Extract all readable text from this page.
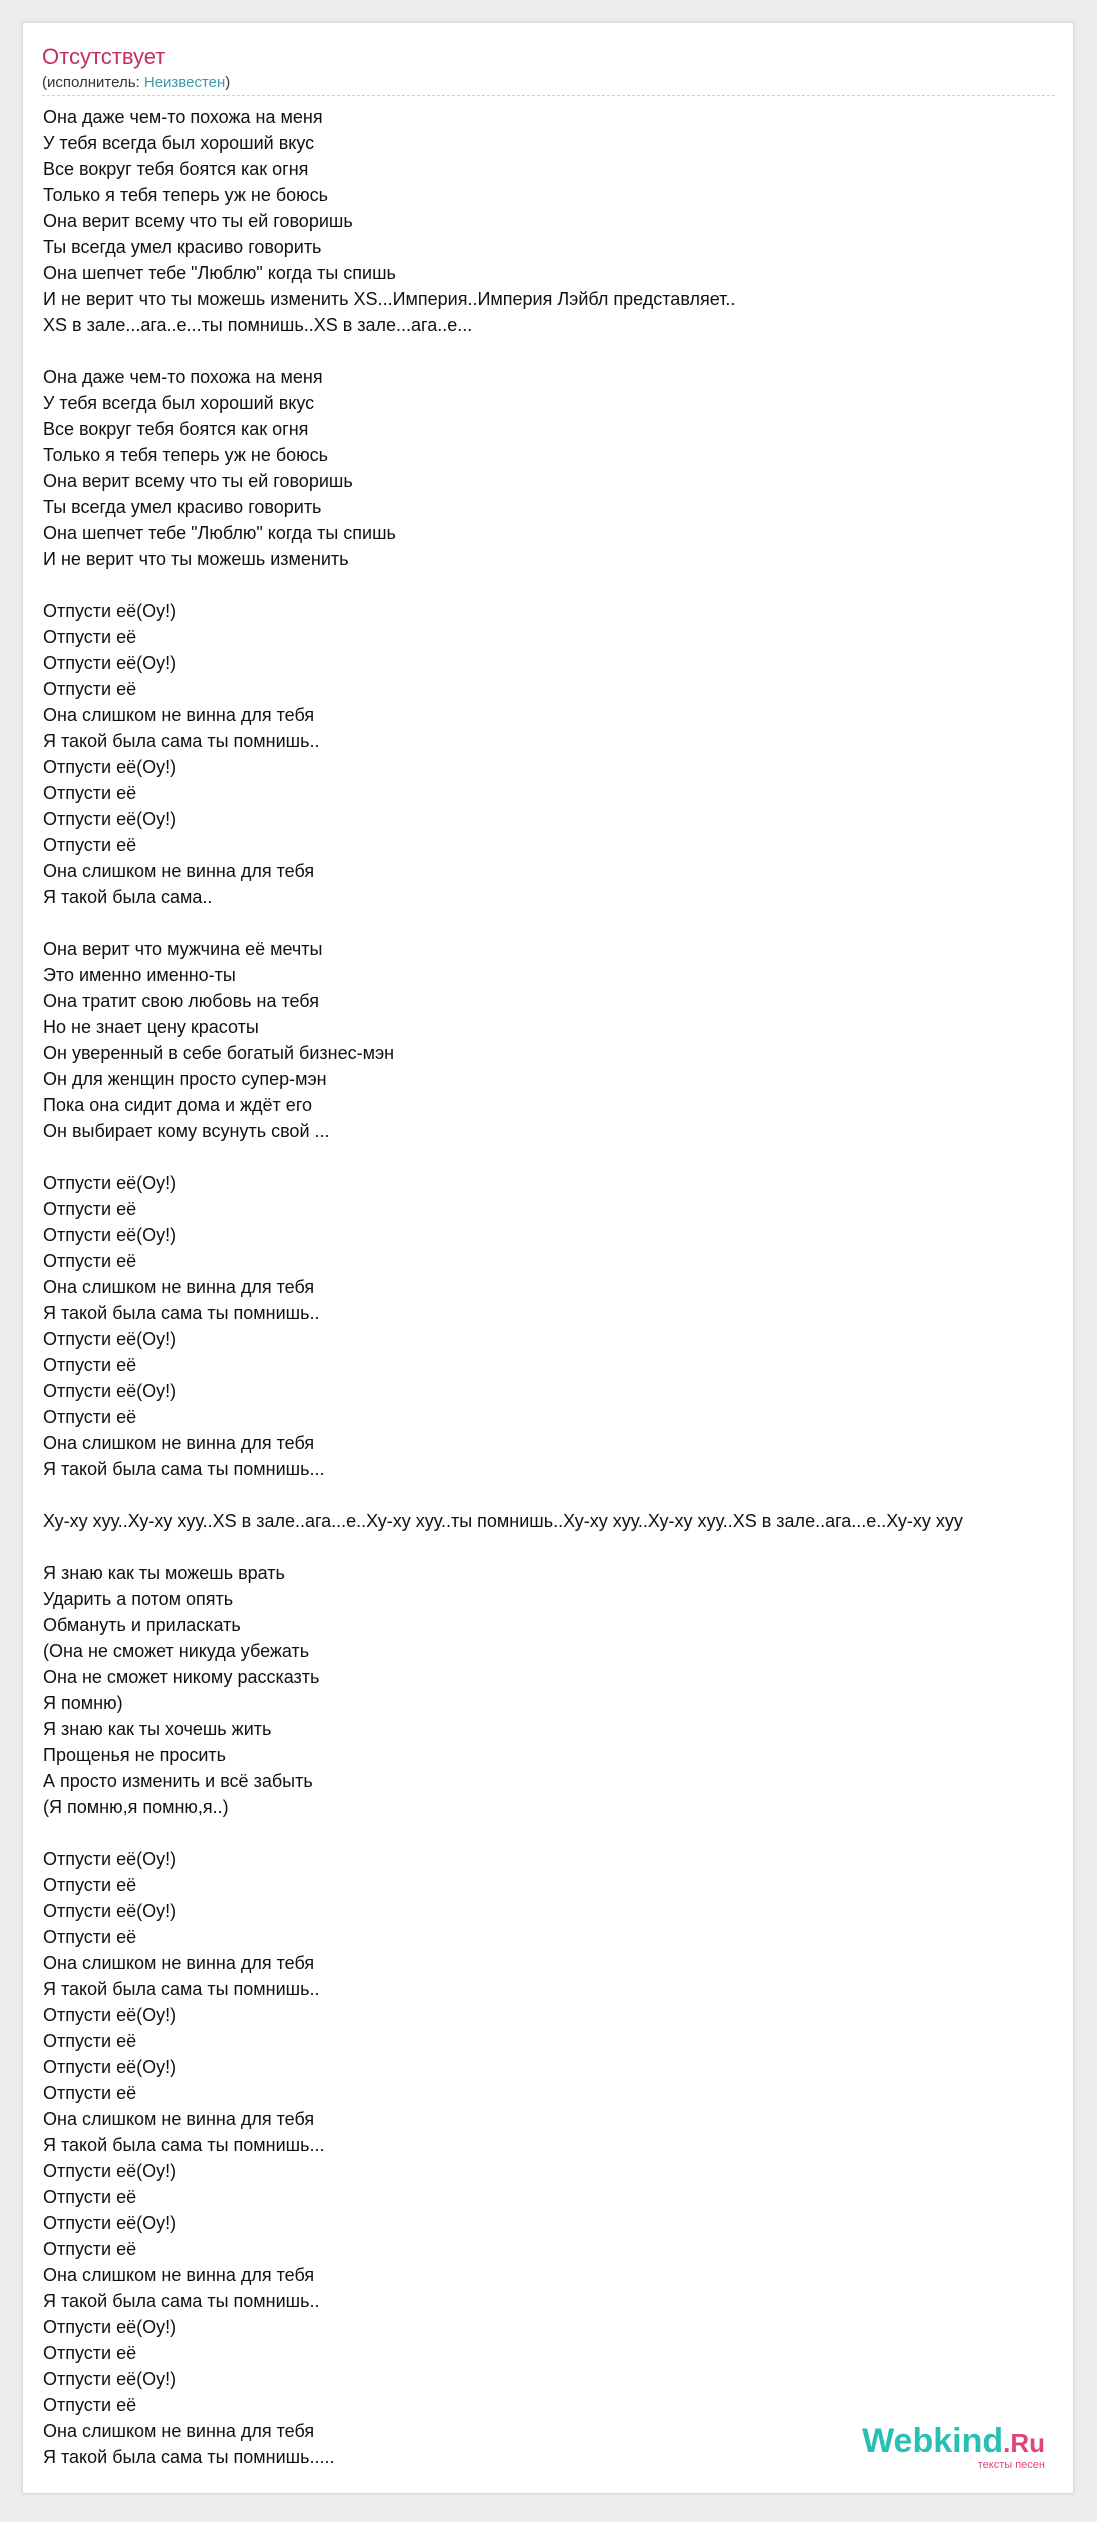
Отсутствует
(исполнитель: Неизвестен)
Она даже чем-то похожа на меня
У тебя всегда был хороший вкус
Все вокруг тебя боятся как огня
Только я тебя теперь уж не боюсь
Она верит всему что ты ей говоришь
Ты всегда умел красиво говорить
Она шепчет тебе "Люблю" когда ты спишь
И не верит что ты можешь изменить XS...Империя..Империя Лэйбл представляет..
XS в зале...ага..е...ты помнишь..XS в зале...ага..е...
Она даже чем-то похожа на меня
У тебя всегда был хороший вкус
Все вокруг тебя боятся как огня
Только я тебя теперь уж не боюсь
Она верит всему что ты ей говоришь
Ты всегда умел красиво говорить
Она шепчет тебе "Люблю" когда ты спишь
И не верит что ты можешь изменить
Отпусти её(Оу!)
Отпусти её
Отпусти её(Оу!)
Отпусти её
Она слишком не винна для тебя
Я такой была сама ты помнишь..
Отпусти её(Оу!)
Отпусти её
Отпусти её(Оу!)
Отпусти её
Она слишком не винна для тебя
Я такой была сама..
Она верит что мужчина её мечты
Это именно именно-ты
Она тратит свою любовь на тебя
Но не знает цену красоты
Он уверенный в себе богатый бизнес-мэн
Он для женщин просто супер-мэн
Пока она сидит дома и ждёт его
Он выбирает кому всунуть свой ...
Отпусти её(Оу!)
Отпусти её
Отпусти её(Оу!)
Отпусти её
Она слишком не винна для тебя
Я такой была сама ты помнишь..
Отпусти её(Оу!)
Отпусти её
Отпусти её(Оу!)
Отпусти её
Она слишком не винна для тебя
Я такой была сама ты помнишь...
Ху-ху хуу..Ху-ху хуу..XS в зале..ага...е..Ху-ху хуу..ты помнишь..Ху-ху хуу..Ху-ху хуу..XS в зале..ага...е..Ху-ху хуу
Я знаю как ты можешь врать
Ударить а потом опять
Обмануть и приласкать
(Она не сможет никуда убежать
Она не сможет никому рассказть
Я помню)
Я знаю как ты хочешь жить
Прощенья не просить
А просто изменить и всё забыть
(Я помню,я помню,я..)
Отпусти её(Оу!)
Отпусти её
Отпусти её(Оу!)
Отпусти её
Она слишком не винна для тебя
Я такой была сама ты помнишь..
Отпусти её(Оу!)
Отпусти её
Отпусти её(Оу!)
Отпусти её
Она слишком не винна для тебя
Я такой была сама ты помнишь...
Отпусти её(Оу!)
Отпусти её
Отпусти её(Оу!)
Отпусти её
Она слишком не винна для тебя
Я такой была сама ты помнишь..
Отпусти её(Оу!)
Отпусти её
Отпусти её(Оу!)
Отпусти её
Она слишком не винна для тебя
Я такой была сама ты помнишь.....	Webkind.Ru
тексты песен
